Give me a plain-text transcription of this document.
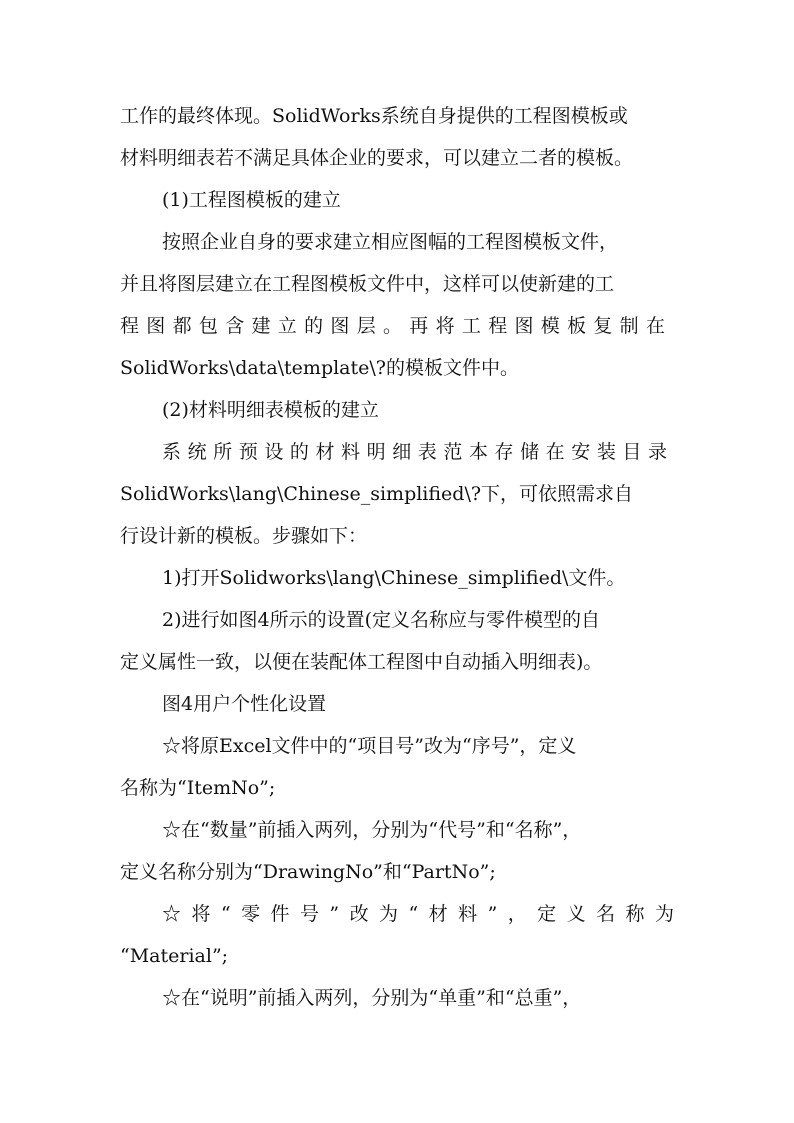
工作的最终体现。SolidWorks系统自身提供的工程图模板或
材料明细表若不满足具体企业的要求，可以建立二者的模板。
(1)工程图模板的建立
按照企业自身的要求建立相应图幅的工程图模板文件，
并且将图层建立在工程图模板文件中，这样可以使新建的工
程图都包含建立的图层。再将工程图模板复制在
SolidWorks\data\template\?的模板文件中。
(2)材料明细表模板的建立
系统所预设的材料明细表范本存储在安装目录
SolidWorks\lang\Chinese_simplified\?下，可依照需求自
行设计新的模板。步骤如下：
1)打开Solidworks\lang\Chinese_simplified\文件。
2)进行如图4所示的设置(定义名称应与零件模型的自
定义属性一致，以便在装配体工程图中自动插入明细表)。
图4用户个性化设置
☆将原Excel文件中的“项目号”改为“序号”，定义
名称为“ItemNo”;
☆在“数量”前插入两列，分别为“代号”和“名称”，
定义名称分别为“DrawingNo”和“PartNo”;
☆将“零件号”改为“材料”，定义名称为
“Material”;
☆在“说明”前插入两列，分别为“单重”和“总重”，
